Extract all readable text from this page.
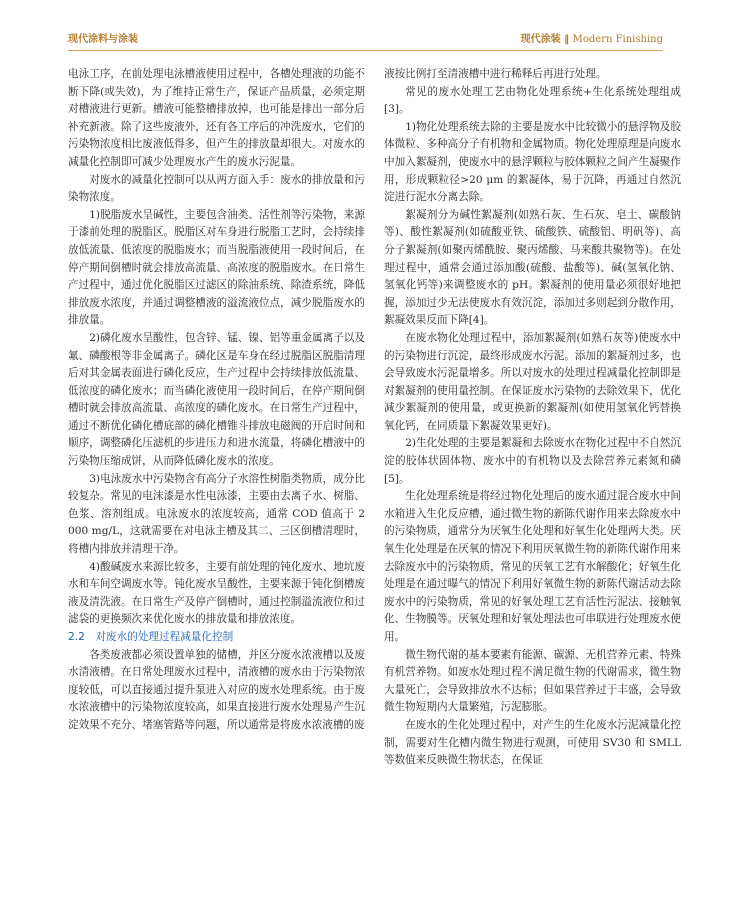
现代涂料与涂装	现代涂装 ‖ Modern Finishing

电泳工序，在前处理电泳槽液使用过程中，各槽处理液的功能不断下降(或失效)，为了维持正常生产，保证产品质量，必须定期对槽液进行更新。槽液可能整槽排放掉，也可能是排出一部分后补充新液。除了这些废液外，还有各工序后的冲洗废水，它们的污染物浓度相比废液低得多，但产生的排放量却很大。对废水的减量化控制即可减少处理废水产生的废水污泥量。

对废水的减量化控制可以从两方面入手：废水的排放量和污染物浓度。

1)脱脂废水呈碱性，主要包含油类、活性剂等污染物，来源于漆前处理的脱脂区。脱脂区对车身进行脱脂工艺时，会持续排放低流量、低浓度的脱脂废水；而当脱脂液使用一段时间后，在停产期间倒槽时就会排放高流量、高浓度的脱脂废水。在日常生产过程中，通过优化脱脂区过滤区的除油系统、除渣系统，降低排放废水浓度，并通过调整槽液的溢流液位点，减少脱脂废水的排放量。

2)磷化废水呈酸性，包含锌、锰、镍、铝等重金属离子以及氟、磷酸根等非金属离子。磷化区是车身在经过脱脂区脱脂清理后对其金属表面进行磷化反应，生产过程中会持续排放低流量、低浓度的磷化废水；而当磷化液使用一段时间后，在停产期间倒槽时就会排放高流量、高浓度的磷化废水。在日常生产过程中，通过不断优化磷化槽底部的磷化槽锥斗排放电磁阀的开启时间和顺序，调整磷化压滤机的步进压力和进水流量，将磷化槽液中的污染物压缩成饼，从而降低磷化废水的浓度。

3)电泳废水中污染物含有高分子水溶性树脂类物质，成分比较复杂。常见的电沫漆是水性电泳漆，主要由去离子水、树脂、色浆、溶剂组成。电泳废水的浓度较高，通常 COD 值高于 2 000 mg/L，这就需要在对电泳主槽及其二、三区倒槽清理时，将槽内排放并清理干净。

4)酸碱废水来源比较多，主要有前处理的钝化废水、地坑废水和车间空调废水等。钝化废水呈酸性，主要来源于钝化倒槽废液及清洗液。在日常生产及停产倒槽时，通过控制溢流液位和过滤袋的更换频次来优化废水的排放量和排放浓度。

2.2　对废水的处理过程减量化控制

各类废液都必须设置单独的储槽，并区分废水浓液槽以及废水清液槽。在日常处理废水过程中，清液槽的废水由于污染物浓度较低，可以直接通过提升泵进入对应的废水处理系统。由于废水浓液槽中的污染物浓度较高，如果直接进行废水处理易产生沉淀效果不充分、堵塞管路等问题，所以通常是将废水浓液槽的废

液按比例打至清液槽中进行稀释后再进行处理。

常见的废水处理工艺由物化处理系统+生化系统处理组成[3]。

1)物化处理系统去除的主要是废水中比较微小的悬浮物及胶体微粒、多种高分子有机物和金属物质。物化处理原理是向废水中加入絮凝剂，使废水中的悬浮颗粒与胶体颗粒之间产生凝聚作用，形成颗粒径>20 μm 的絮凝体，易于沉降，再通过自然沉淀进行泥水分离去除。

絮凝剂分为碱性絮凝剂(如熟石灰、生石灰、皂土、碳酸钠等)、酸性絮凝剂(如硫酸亚铁、硫酸铁、硫酸铝、明矾等)、高分子絮凝剂(如聚丙烯酰胺、聚丙烯酸、马来酸共聚物等)。在处理过程中，通常会通过添加酸(硫酸、盐酸等)、碱(氢氧化钠、氢氧化钙等)来调整废水的 pH。絮凝剂的使用量必须很好地把握，添加过少无法使废水有效沉淀，添加过多则起到分散作用，絮凝效果反而下降[4]。

在废水物化处理过程中，添加絮凝剂(如熟石灰等)使废水中的污染物进行沉淀，最终形成废水污泥。添加的絮凝剂过多，也会导致废水污泥量增多。所以对废水的处理过程减量化控制即是对絮凝剂的使用量控制。在保证废水污染物的去除效果下，优化减少絮凝剂的使用量，或更换新的絮凝剂(如使用氢氧化钙替换氧化钙，在同质量下絮凝效果更好)。

2)生化处理的主要是絮凝和去除废水在物化过程中不自然沉淀的胶体状固体物、废水中的有机物以及去除营养元素氮和磷[5]。

生化处理系统是将经过物化处理后的废水通过混合废水中间水箱进入生化反应槽，通过微生物的新陈代谢作用来去除废水中的污染物质，通常分为厌氧生化处理和好氧生化处理两大类。厌氧生化处理是在厌氧的情况下利用厌氧微生物的新陈代谢作用来去除废水中的污染物质，常见的厌氧工艺有水解酸化；好氧生化处理是在通过曝气的情况下利用好氧微生物的新陈代谢活动去除废水中的污染物质，常见的好氧处理工艺有活性污泥法、接触氧化、生物膜等。厌氧处理和好氧处理法也可串联进行处理废水使用。

微生物代谢的基本要素有能源、碳源、无机营养元素、特殊有机营养物。如废水处理过程不满足微生物的代谢需求，微生物大量死亡，会导致排放水不达标；但如果营养过于丰盛，会导致微生物短期内大量繁殖，污泥膨胀。

在废水的生化处理过程中，对产生的生化废水污泥减量化控制，需要对生化槽内微生物进行观测，可使用 SV30 和 SMLL 等数值来反映微生物状态，在保证
